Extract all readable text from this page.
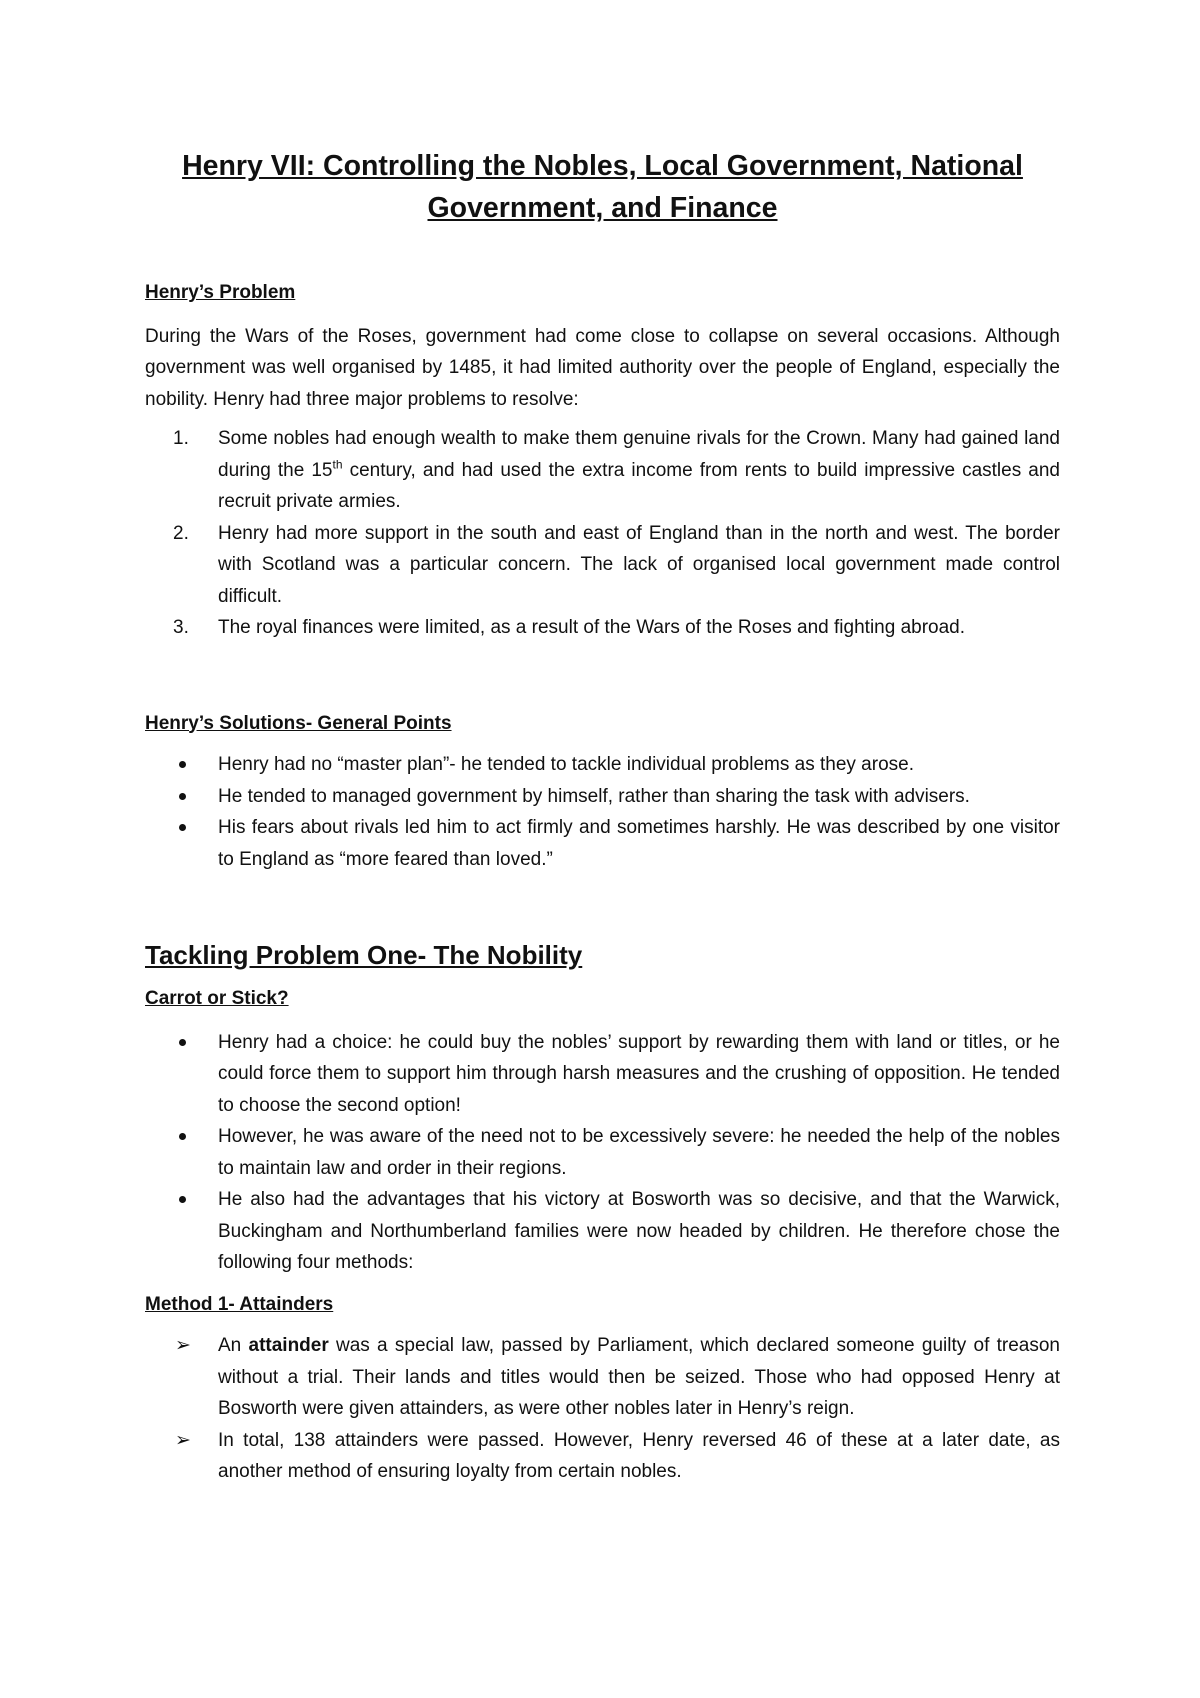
Henry VII: Controlling the Nobles, Local Government, National
Government, and Finance

Henry’s Problem

During the Wars of the Roses, government had come close to collapse on several occasions. Although government was well organised by 1485, it had limited authority over the people of England, especially the nobility. Henry had three major problems to resolve:

1. Some nobles had enough wealth to make them genuine rivals for the Crown. Many had gained land during the 15th century, and had used the extra income from rents to build impressive castles and recruit private armies.
2. Henry had more support in the south and east of England than in the north and west. The border with Scotland was a particular concern. The lack of organised local government made control difficult.
3. The royal finances were limited, as a result of the Wars of the Roses and fighting abroad.

Henry’s Solutions- General Points

Henry had no “master plan”- he tended to tackle individual problems as they arose.
He tended to managed government by himself, rather than sharing the task with advisers.
His fears about rivals led him to act firmly and sometimes harshly. He was described by one visitor to England as “more feared than loved.”

Tackling Problem One- The Nobility

Carrot or Stick?

Henry had a choice: he could buy the nobles’ support by rewarding them with land or titles, or he could force them to support him through harsh measures and the crushing of opposition. He tended to choose the second option!
However, he was aware of the need not to be excessively severe: he needed the help of the nobles to maintain law and order in their regions.
He also had the advantages that his victory at Bosworth was so decisive, and that the Warwick, Buckingham and Northumberland families were now headed by children. He therefore chose the following four methods:

Method 1- Attainders

➢ An attainder was a special law, passed by Parliament, which declared someone guilty of treason without a trial. Their lands and titles would then be seized. Those who had opposed Henry at Bosworth were given attainders, as were other nobles later in Henry’s reign.
➢ In total, 138 attainders were passed. However, Henry reversed 46 of these at a later date, as another method of ensuring loyalty from certain nobles.
